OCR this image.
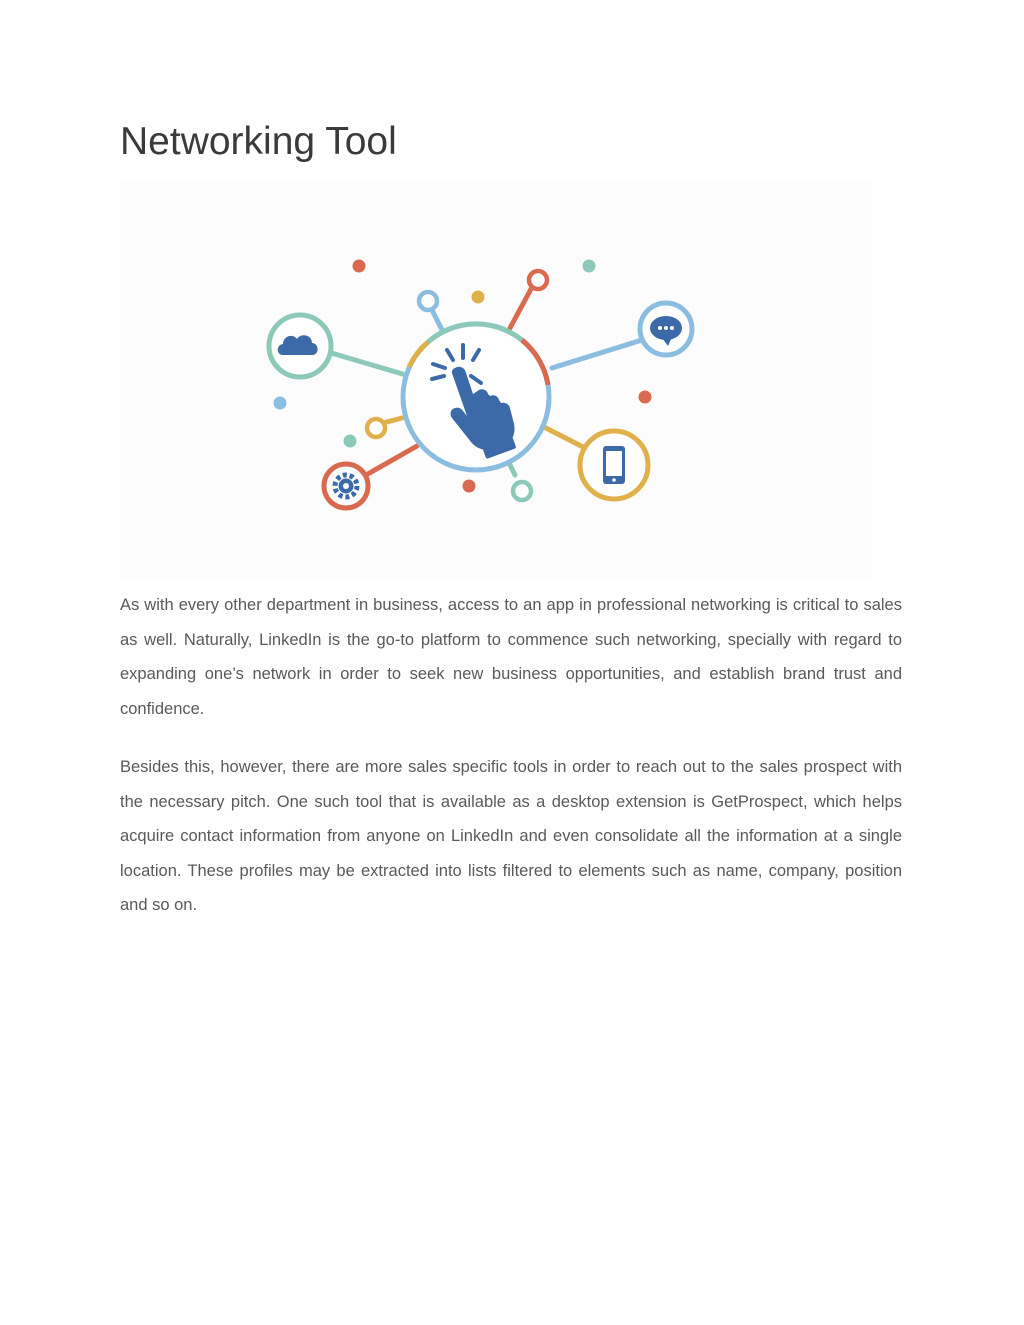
Networking Tool

As with every other department in business, access to an app in professional networking is critical to sales as well. Naturally, LinkedIn is the go-to platform to commence such networking, specially with regard to expanding one’s network in order to seek new business opportunities, and establish brand trust and confidence.

Besides this, however, there are more sales specific tools in order to reach out to the sales prospect with the necessary pitch. One such tool that is available as a desktop extension is GetProspect, which helps acquire contact information from anyone on LinkedIn and even consolidate all the information at a single location. These profiles may be extracted into lists filtered to elements such as name, company, position and so on.
